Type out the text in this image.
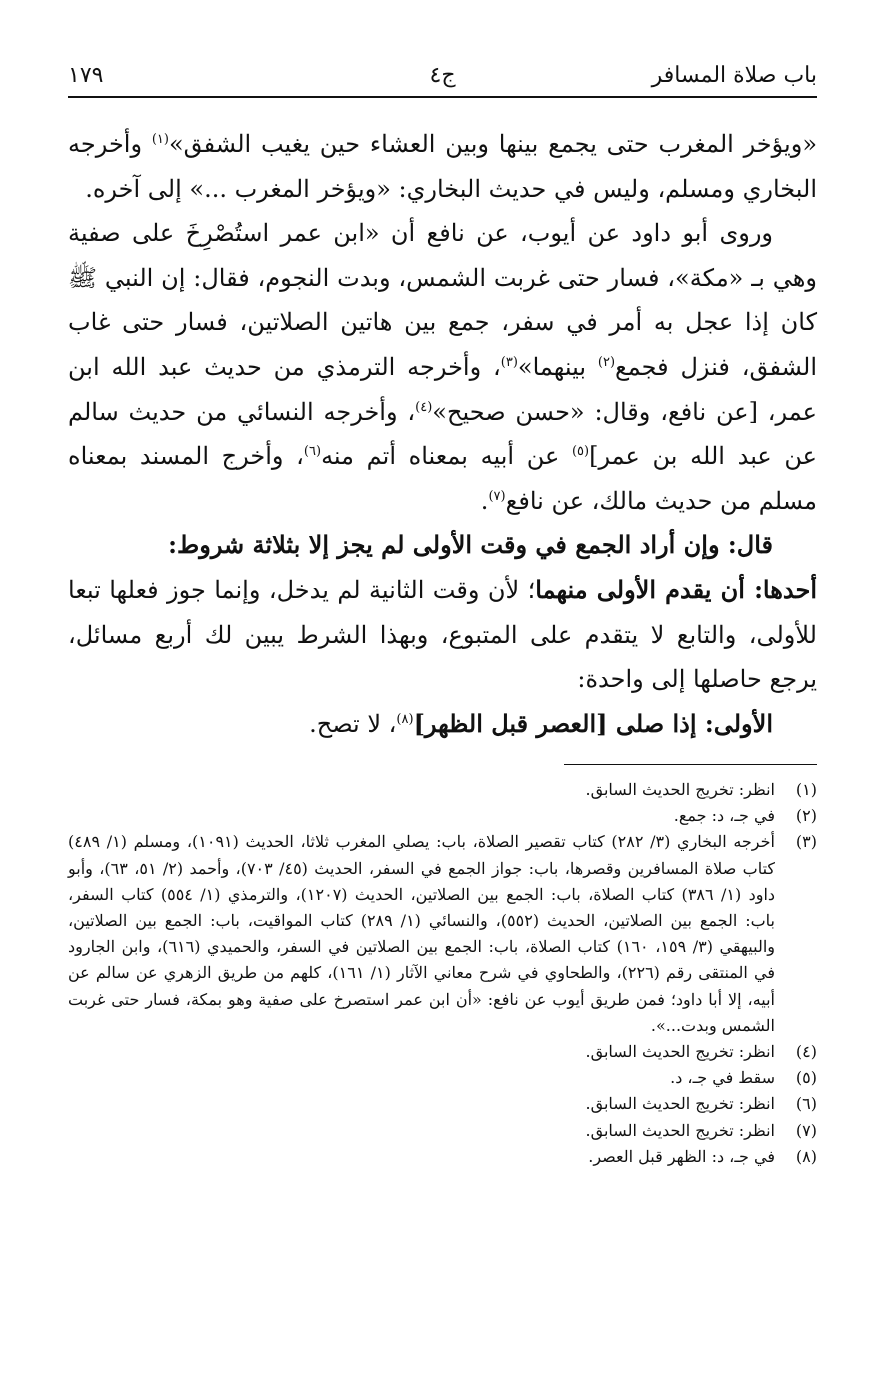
باب صلاة المسافر
ج٤
١٧٩

«ويؤخر المغرب حتى يجمع بينها وبين العشاء حين يغيب الشفق»$^{(١)}$ وأخرجه البخاري ومسلم، وليس في حديث البخاري: «ويؤخر المغرب ...» إلى آخره.

وروى أبو داود عن أيوب، عن نافع أن «ابن عمر استُصْرِخَ على صفية وهي بـ «مكة»، فسار حتى غربت الشمس، وبدت النجوم، فقال: إن النبي ﷺ كان إذا عجل به أمر في سفر، جمع بين هاتين الصلاتين، فسار حتى غاب الشفق، فنزل فجمع$^{(٢)}$ بينهما»$^{(٣)}$، وأخرجه الترمذي من حديث عبد الله ابن عمر، [عن نافع، وقال: «حسن صحيح»$^{(٤)}$، وأخرجه النسائي من حديث سالم عن عبد الله بن عمر]$^{(٥)}$ عن أبيه بمعناه أتم منه$^{(٦)}$، وأخرج المسند بمعناه مسلم من حديث مالك، عن نافع$^{(٧)}$.

قال: وإن أراد الجمع في وقت الأولى لم يجز إلا بثلاثة شروط:

أحدها: أن يقدم الأولى منهما؛ لأن وقت الثانية لم يدخل، وإنما جوز فعلها تبعا للأولى، والتابع لا يتقدم على المتبوع، وبهذا الشرط يبين لك أربع مسائل، يرجع حاصلها إلى واحدة:

الأولى: إذا صلى [العصر قبل الظهر]$^{(٨)}$، لا تصح.

(١)
انظر: تخريج الحديث السابق.
(٢)
في جـ، د: جمع.
(٣)
أخرجه البخاري (٣/ ٢٨٢) كتاب تقصير الصلاة، باب: يصلي المغرب ثلاثا، الحديث (١٠٩١)، ومسلم (١/ ٤٨٩) كتاب صلاة المسافرين وقصرها، باب: جواز الجمع في السفر، الحديث (٤٥/ ٧٠٣)، وأحمد (٢/ ٥١، ٦٣)، وأبو داود (١/ ٣٨٦) كتاب الصلاة، باب: الجمع بين الصلاتين، الحديث (١٢٠٧)، والترمذي (١/ ٥٥٤) كتاب السفر، باب: الجمع بين الصلاتين، الحديث (٥٥٢)، والنسائي (١/ ٢٨٩) كتاب المواقيت، باب: الجمع بين الصلاتين، والبيهقي (٣/ ١٥٩، ١٦٠) كتاب الصلاة، باب: الجمع بين الصلاتين في السفر، والحميدي (٦١٦)، وابن الجارود في المنتقى رقم (٢٢٦)، والطحاوي في شرح معاني الآثار (١/ ١٦١)، كلهم من طريق الزهري عن سالم عن أبيه، إلا أبا داود؛ فمن طريق أيوب عن نافع: «أن ابن عمر استصرخ على صفية وهو بمكة، فسار حتى غربت الشمس وبدت...».
(٤)
انظر: تخريج الحديث السابق.
(٥)
سقط في جـ، د.
(٦)
انظر: تخريج الحديث السابق.
(٧)
انظر: تخريج الحديث السابق.
(٨)
في جـ، د: الظهر قبل العصر.
